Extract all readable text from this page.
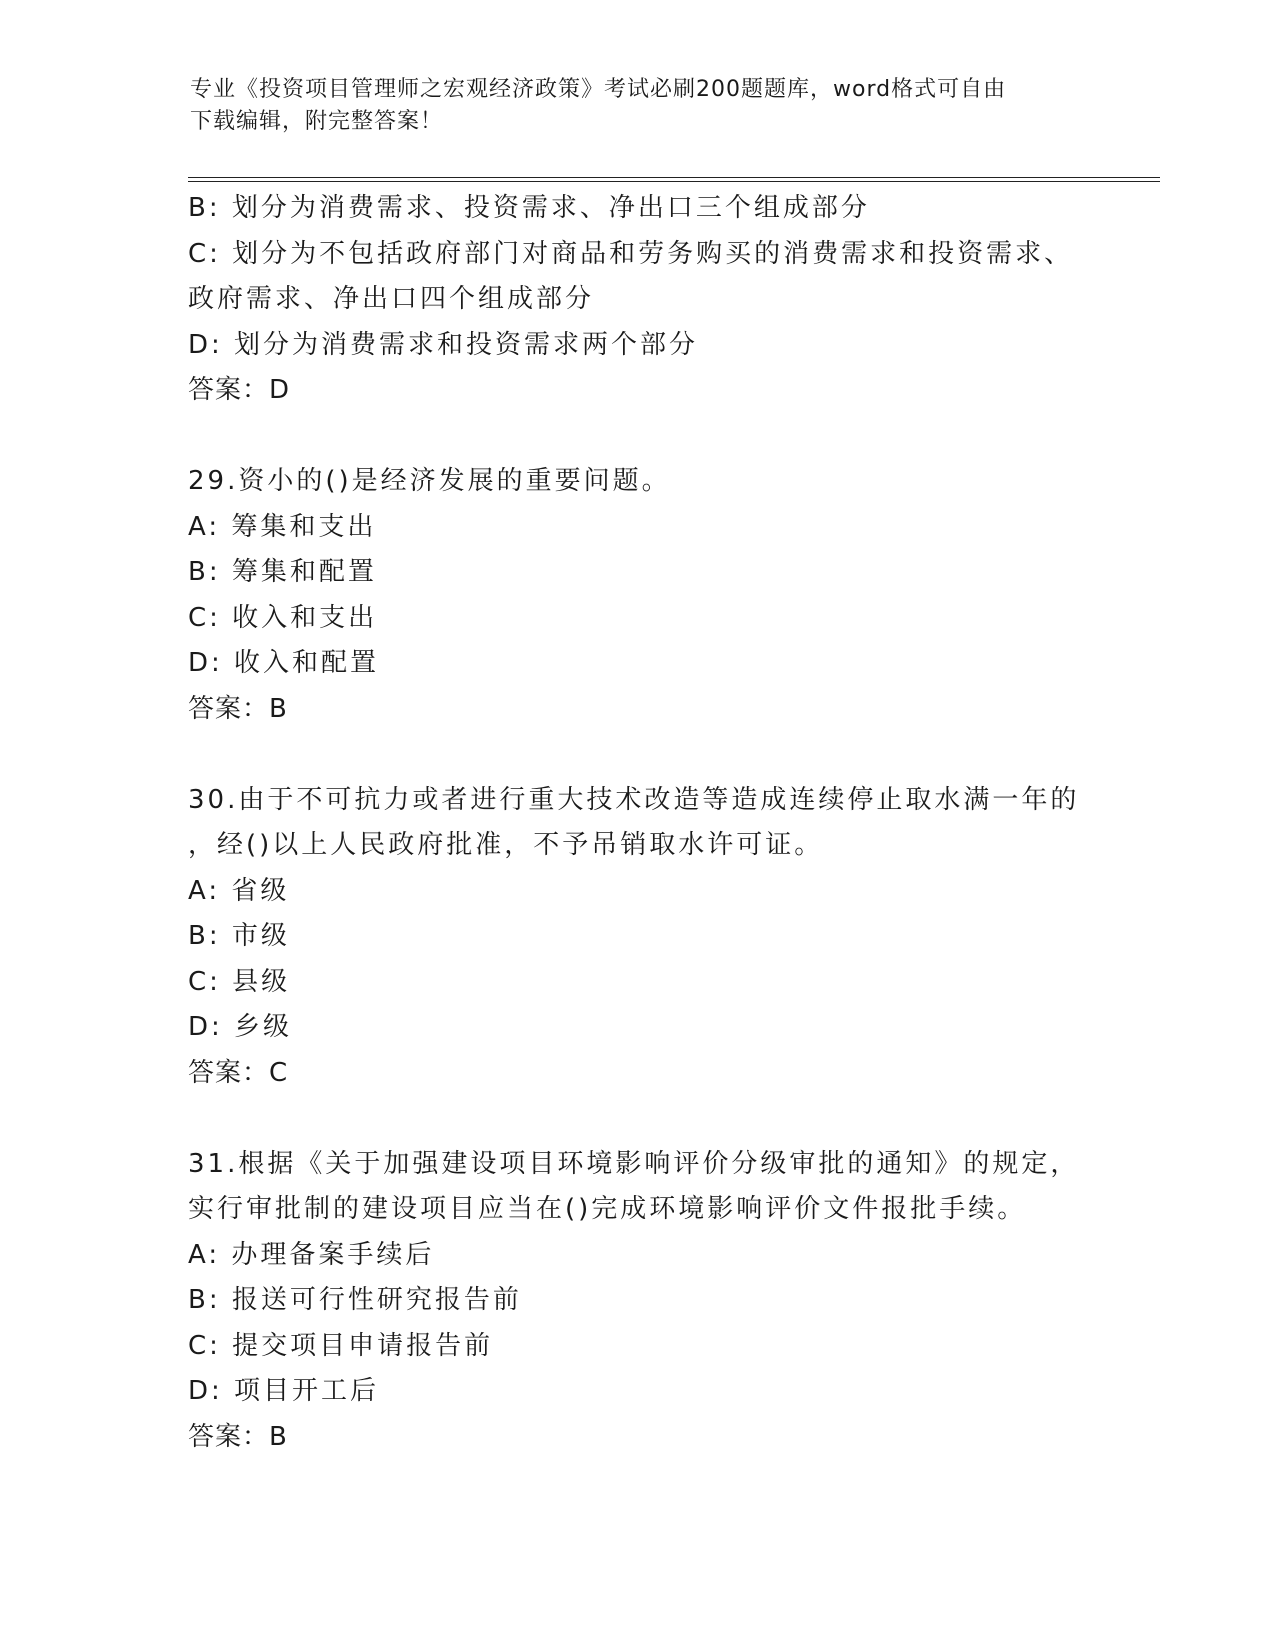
专业《投资项目管理师之宏观经济政策》考试必刷200题题库，word格式可自由
下载编辑，附完整答案！
B: 划分为消费需求、投资需求、净出口三个组成部分
C: 划分为不包括政府部门对商品和劳务购买的消费需求和投资需求、
政府需求、净出口四个组成部分
D: 划分为消费需求和投资需求两个部分
答案：D
29.资小的()是经济发展的重要问题。
A: 筹集和支出
B: 筹集和配置
C: 收入和支出
D: 收入和配置
答案：B
30.由于不可抗力或者进行重大技术改造等造成连续停止取水满一年的
，经()以上人民政府批准，不予吊销取水许可证。
A: 省级
B: 市级
C: 县级
D: 乡级
答案：C
31.根据《关于加强建设项目环境影响评价分级审批的通知》的规定，
实行审批制的建设项目应当在()完成环境影响评价文件报批手续。
A: 办理备案手续后
B: 报送可行性研究报告前
C: 提交项目申请报告前
D: 项目开工后
答案：B
